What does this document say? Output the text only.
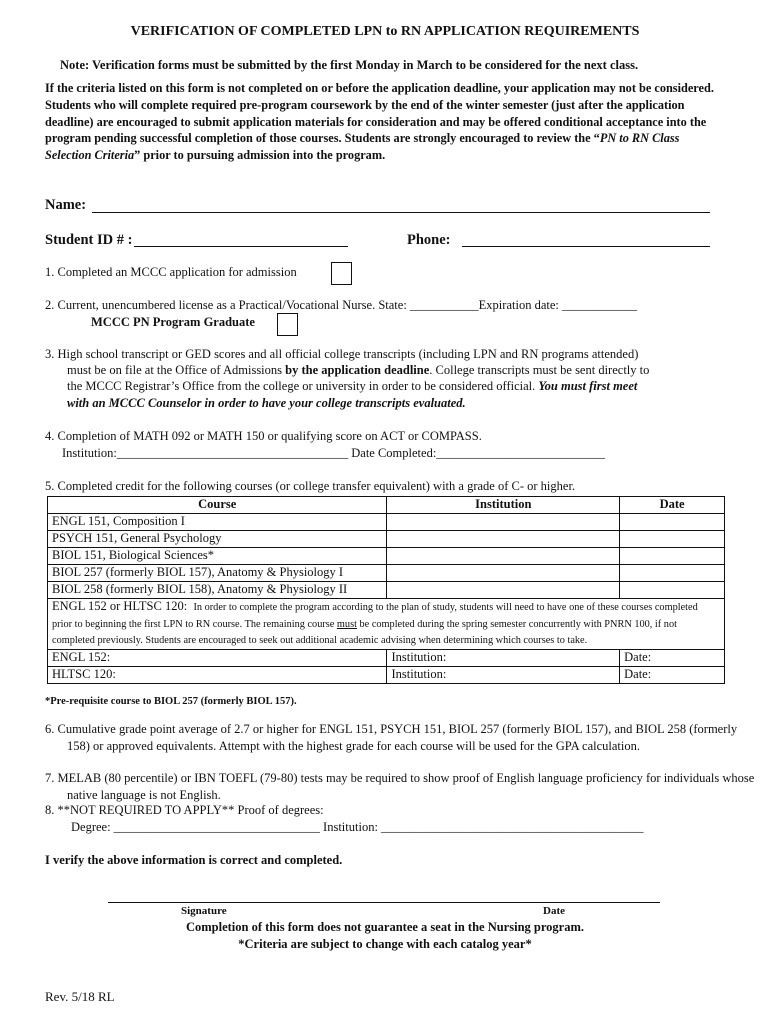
VERIFICATION OF COMPLETED LPN to RN APPLICATION REQUIREMENTS
Note: Verification forms must be submitted by the first Monday in March to be considered for the next class.
If the criteria listed on this form is not completed on or before the application deadline, your application may not be considered. Students who will complete required pre-program coursework by the end of the winter semester (just after the application deadline) are encouraged to submit application materials for consideration and may be offered conditional acceptance into the program pending successful completion of those courses. Students are strongly encouraged to review the “PN to RN Class Selection Criteria” prior to pursuing admission into the program.
Name:
Student ID # :	Phone:
1. Completed an MCCC application for admission
2. Current, unencumbered license as a Practical/Vocational Nurse. State: ___________Expiration date: ____________
MCCC PN Program Graduate
3. High school transcript or GED scores and all official college transcripts (including LPN and RN programs attended)
must be on file at the Office of Admissions by the application deadline. College transcripts must be sent directly to
the MCCC Registrar’s Office from the college or university in order to be considered official. You must first meet
with an MCCC Counselor in order to have your college transcripts evaluated.
4. Completion of MATH 092 or MATH 150 or qualifying score on ACT or COMPASS.
Institution:_____________________________________ Date Completed:___________________________
5. Completed credit for the following courses (or college transfer equivalent) with a grade of C- or higher.
Course	Institution	Date
ENGL 151, Composition I		
PSYCH 151, General Psychology		
BIOL 151, Biological Sciences*		
BIOL 257 (formerly BIOL 157), Anatomy & Physiology I		
BIOL 258 (formerly BIOL 158), Anatomy & Physiology II		
ENGL 152 or HLTSC 120: In order to complete the program according to the plan of study, students will need to have one of these courses completed prior to beginning the first LPN to RN course. The remaining course must be completed during the spring semester concurrently with PNRN 100, if not completed previously. Students are encouraged to seek out additional academic advising when determining which courses to take.		
ENGL 152:	Institution:	Date:
HLTSC 120:	Institution:	Date:
*Pre-requisite course to BIOL 257 (formerly BIOL 157).
6. Cumulative grade point average of 2.7 or higher for ENGL 151, PSYCH 151, BIOL 257 (formerly BIOL 157), and BIOL 258 (formerly 158) or approved equivalents. Attempt with the highest grade for each course will be used for the GPA calculation.
7. MELAB (80 percentile) or IBN TOEFL (79-80) tests may be required to show proof of English language proficiency for individuals whose native language is not English.
8. **NOT REQUIRED TO APPLY** Proof of degrees:
Degree: _________________________________ Institution: __________________________________________
I verify the above information is correct and completed.
Signature	Date
Completion of this form does not guarantee a seat in the Nursing program.
*Criteria are subject to change with each catalog year*
Rev. 5/18 RL
